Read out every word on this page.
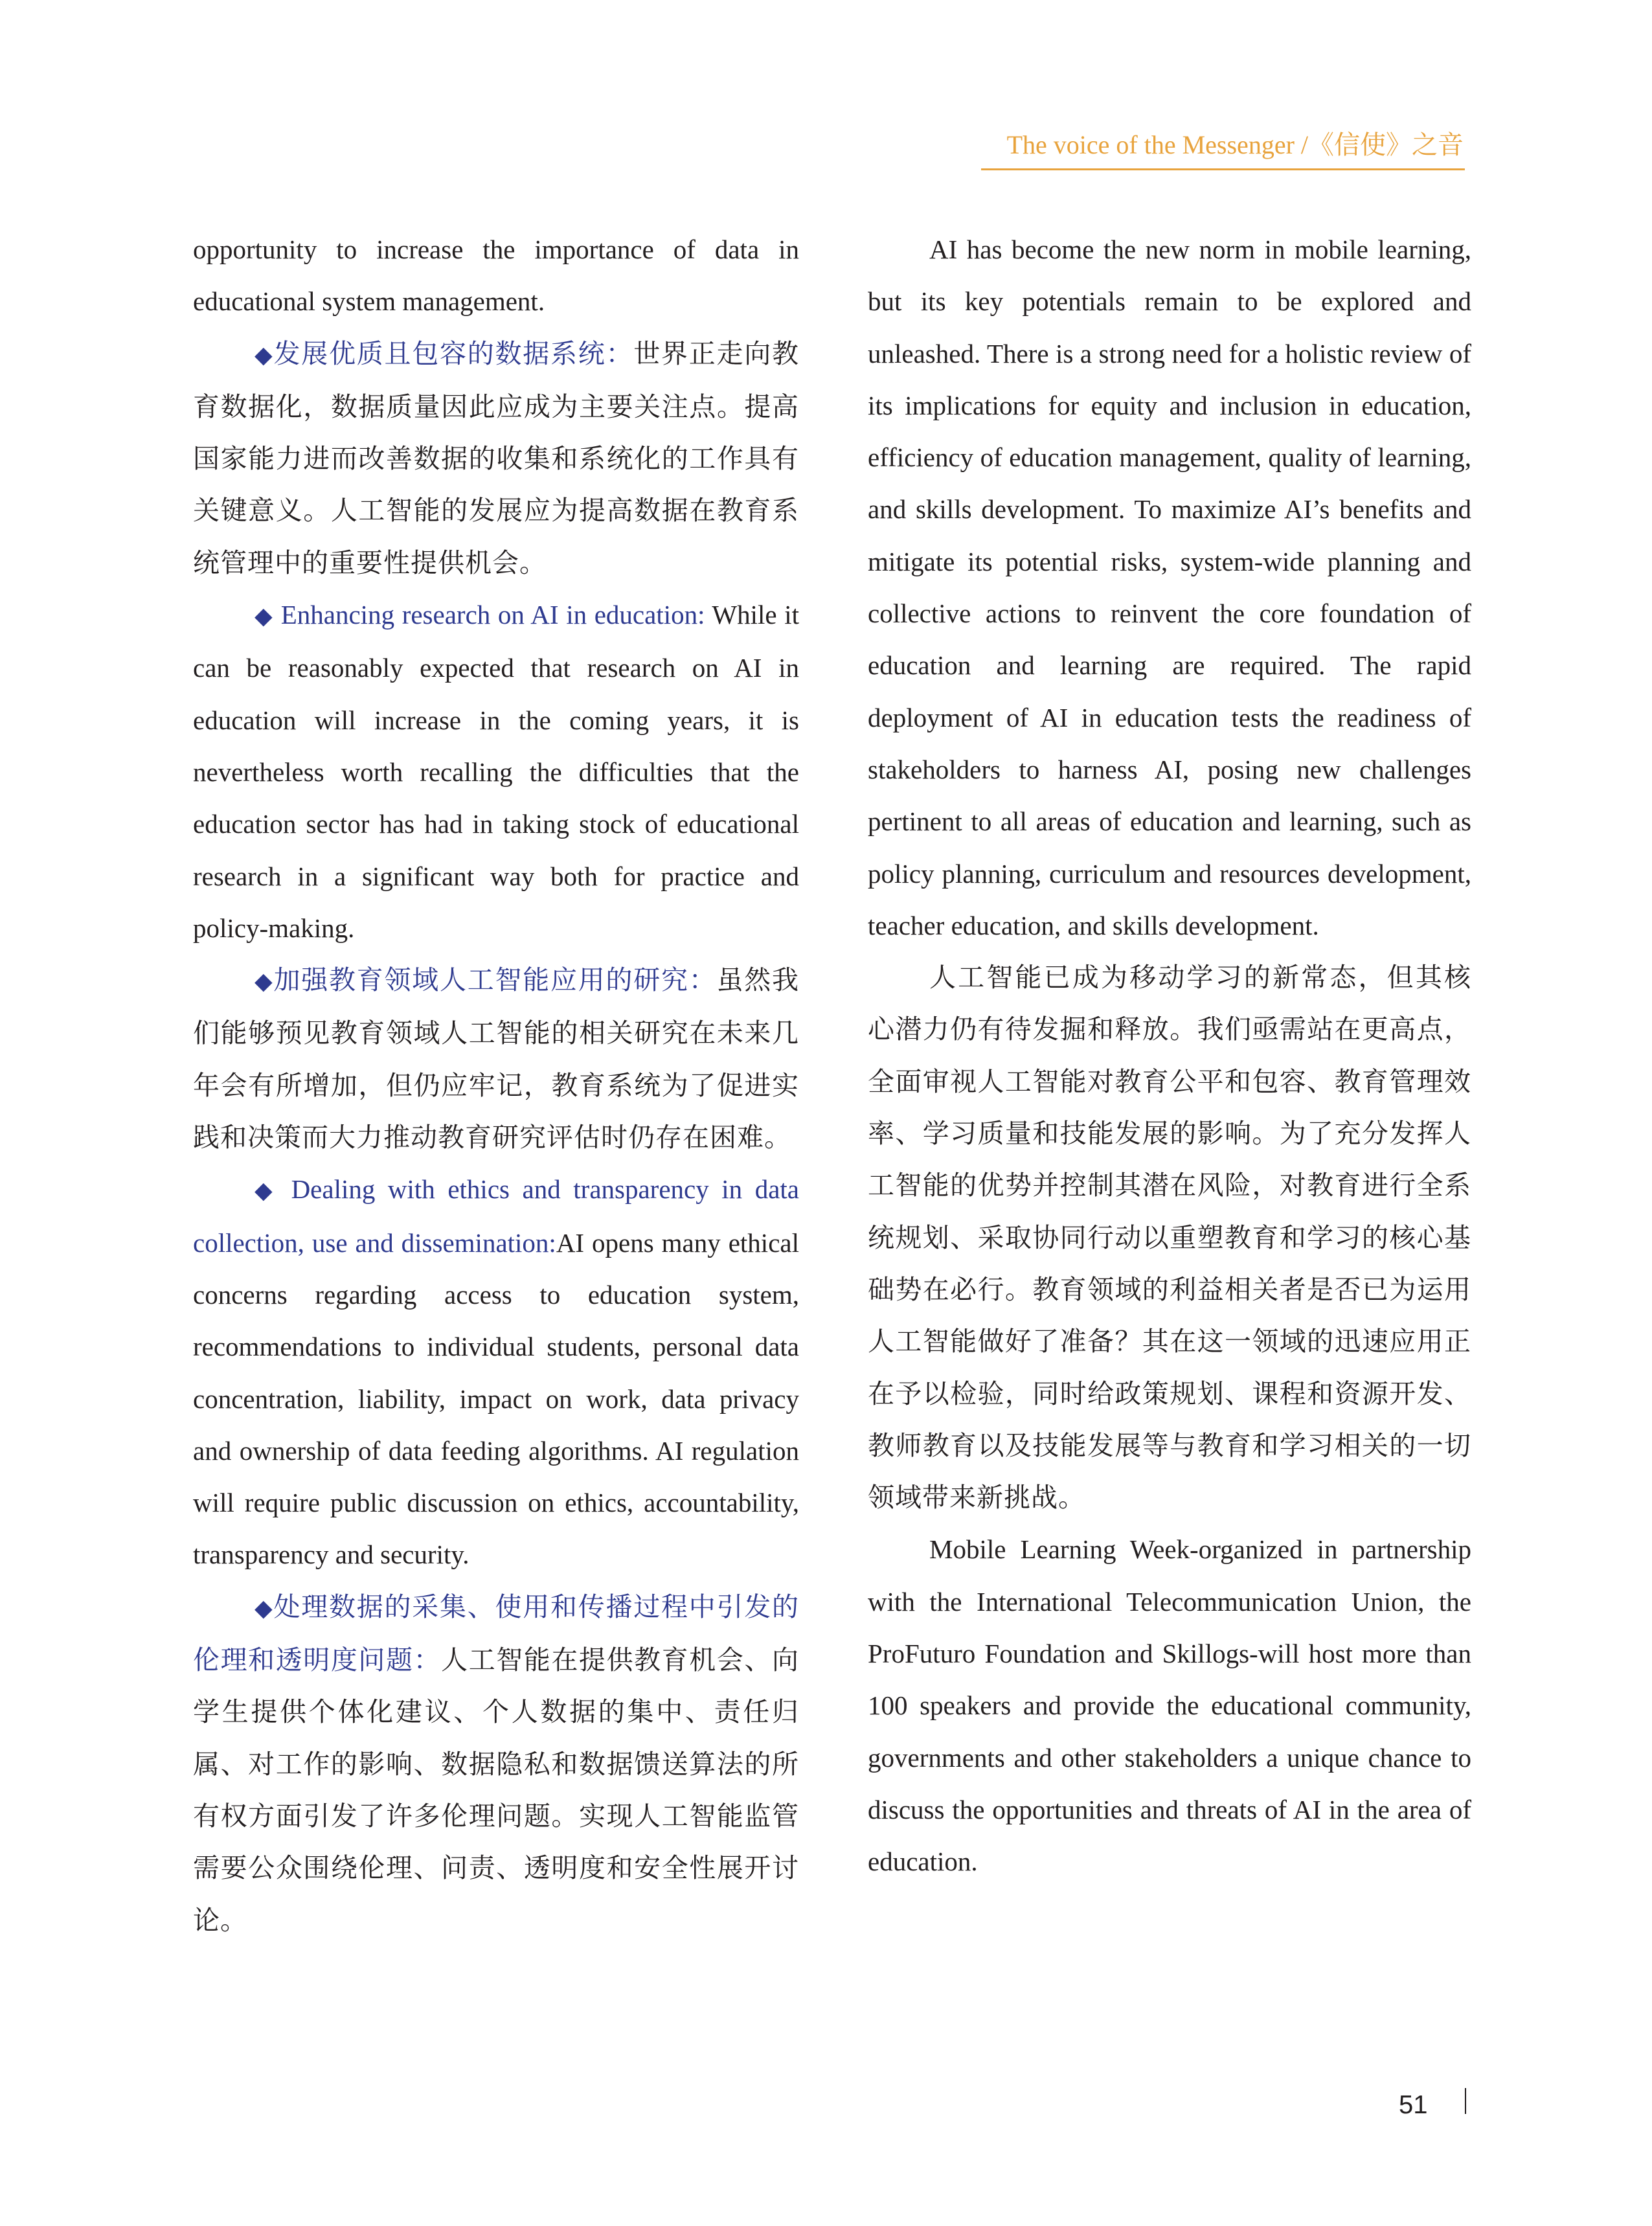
The voice of the Messenger /《信使》之音

opportunity to increase the importance of data in educational system management.

◆发展优质且包容的数据系统：世界正走向教育数据化，数据质量因此应成为主要关注点。提高国家能力进而改善数据的收集和系统化的工作具有关键意义。人工智能的发展应为提高数据在教育系统管理中的重要性提供机会。

◆ Enhancing research on AI in education: While it can be reasonably expected that research on AI in education will increase in the coming years, it is nevertheless worth recalling the difficulties that the education sector has had in taking stock of educational research in a significant way both for practice and policy-making.

◆加强教育领域人工智能应用的研究：虽然我们能够预见教育领域人工智能的相关研究在未来几年会有所增加，但仍应牢记，教育系统为了促进实践和决策而大力推动教育研究评估时仍存在困难。

◆ Dealing with ethics and transparency in data collection, use and dissemination:AI opens many ethical concerns regarding access to education system, recommendations to individual students, personal data concentration, liability, impact on work, data privacy and ownership of data feeding algorithms. AI regulation will require public discussion on ethics, accountability, transparency and security.

◆处理数据的采集、使用和传播过程中引发的伦理和透明度问题：人工智能在提供教育机会、向学生提供个体化建议、个人数据的集中、责任归属、对工作的影响、数据隐私和数据馈送算法的所有权方面引发了许多伦理问题。实现人工智能监管需要公众围绕伦理、问责、透明度和安全性展开讨论。

AI has become the new norm in mobile learning, but its key potentials remain to be explored and unleashed. There is a strong need for a holistic review of its implications for equity and inclusion in education, efficiency of education management, quality of learning, and skills development. To maximize AI’s benefits and mitigate its potential risks, system-wide planning and collective actions to reinvent the core foundation of education and learning are required. The rapid deployment of AI in education tests the readiness of stakeholders to harness AI, posing new challenges pertinent to all areas of education and learning, such as policy planning, curriculum and resources development, teacher education, and skills development.

人工智能已成为移动学习的新常态，但其核心潜力仍有待发掘和释放。我们亟需站在更高点，全面审视人工智能对教育公平和包容、教育管理效率、学习质量和技能发展的影响。为了充分发挥人工智能的优势并控制其潜在风险，对教育进行全系统规划、采取协同行动以重塑教育和学习的核心基础势在必行。教育领域的利益相关者是否已为运用人工智能做好了准备？其在这一领域的迅速应用正在予以检验，同时给政策规划、课程和资源开发、教师教育以及技能发展等与教育和学习相关的一切领域带来新挑战。

Mobile Learning Week-organized in partnership with the International Telecommunication Union, the ProFuturo Foundation and Skillogs-will host more than 100 speakers and provide the educational community, governments and other stakeholders a unique chance to discuss the opportunities and threats of AI in the area of education.

51
